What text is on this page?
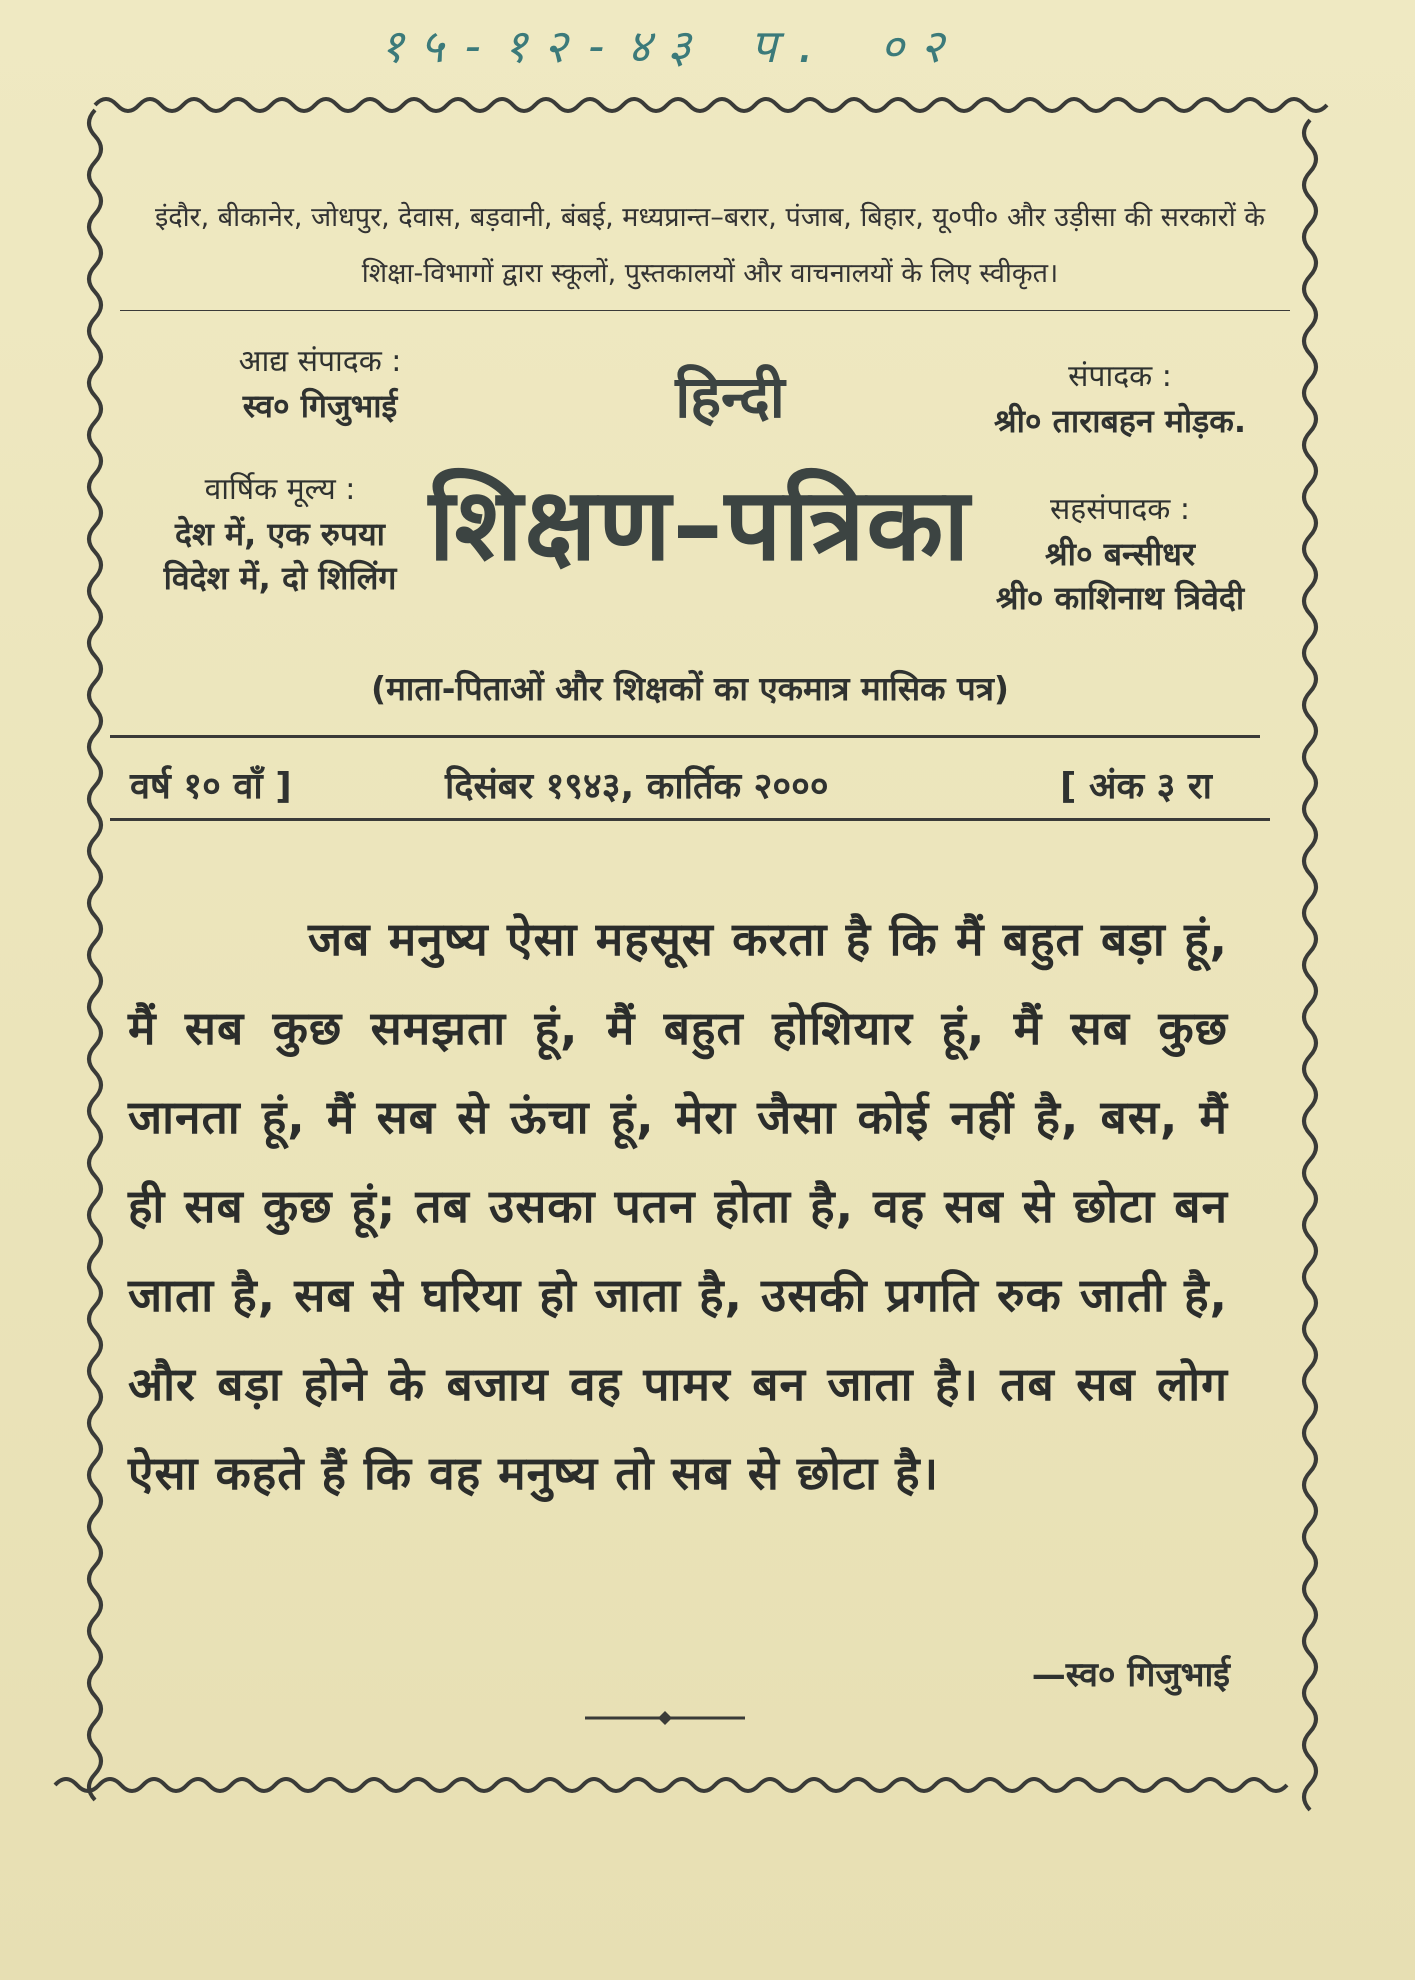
१५-१२-४३ प. ०२
इंदौर, बीकानेर, जोधपुर, देवास, बड़वानी, बंबई, मध्यप्रान्त–बरार, पंजाब, बिहार, यू०पी० और उड़ीसा की सरकारों के शिक्षा-विभागों द्वारा स्कूलों, पुस्तकालयों और वाचनालयों के लिए स्वीकृत।
आद्य संपादक :
स्व० गिजुभाई
वार्षिक मूल्य :
देश में, एक रुपया
विदेश में, दो शिलिंग
संपादक :
श्री० ताराबहन मोड़क.
सहसंपादक :
श्री० बन्सीधर
श्री० काशिनाथ त्रिवेदी
हिन्दी
शिक्षण–पत्रिका
(माता-पिताओं और शिक्षकों का एकमात्र मासिक पत्र)
वर्ष १० वाँ ]	दिसंबर १९४३, कार्तिक २०००	[ अंक ३ रा
जब मनुष्य ऐसा महसूस करता है कि मैं बहुत बड़ा हूं, मैं सब कुछ समझता हूं, मैं बहुत होशियार हूं, मैं सब कुछ जानता हूं, मैं सब से ऊंचा हूं, मेरा जैसा कोई नहीं है, बस, मैं ही सब कुछ हूं; तब उसका पतन होता है, वह सब से छोटा बन जाता है, सब से घरिया हो जाता है, उसकी प्रगति रुक जाती है, और बड़ा होने के बजाय वह पामर बन जाता है। तब सब लोग ऐसा कहते हैं कि वह मनुष्य तो सब से छोटा है।
—स्व० गिजुभाई
